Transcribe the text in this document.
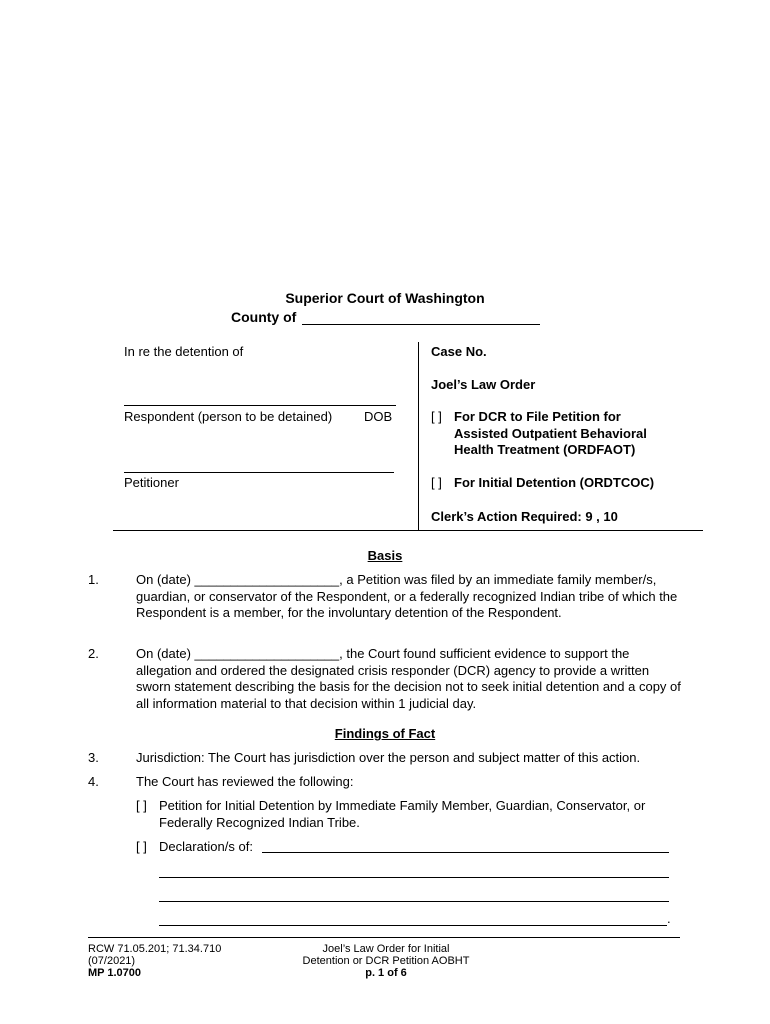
Superior Court of Washington
County of
In re the detention of
Respondent (person to be detained) DOB
Petitioner
Case No.
Joel’s Law Order
[ ] For DCR to File Petition for
Assisted Outpatient Behavioral
Health Treatment (ORDFAOT)
[ ] For Initial Detention (ORDTCOC)
Clerk’s Action Required: 9 , 10
Basis
1.	On (date) ____________________, a Petition was filed by an immediate family member/s, guardian, or conservator of the Respondent, or a federally recognized Indian tribe of which the Respondent is a member, for the involuntary detention of the Respondent.
2.	On (date) ____________________, the Court found sufficient evidence to support the allegation and ordered the designated crisis responder (DCR) agency to provide a written sworn statement describing the basis for the decision not to seek initial detention and a copy of all information material to that decision within 1 judicial day.
Findings of Fact
3.	Jurisdiction: The Court has jurisdiction over the person and subject matter of this action.
4.	The Court has reviewed the following:
[ ] Petition for Initial Detention by Immediate Family Member, Guardian, Conservator, or Federally Recognized Indian Tribe.
[ ] Declaration/s of:
.
RCW 71.05.201; 71.34.710
(07/2021)
MP 1.0700
Joel’s Law Order for Initial
Detention or DCR Petition AOBHT
p. 1 of 6
